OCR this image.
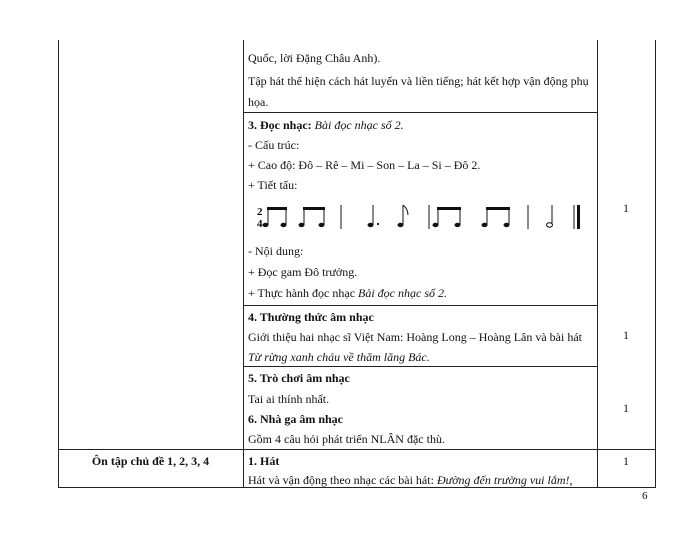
Quốc, lời Đặng Châu Anh).
Tập hát thể hiện cách hát luyến và liền tiếng; hát kết hợp vận động phụ
họa.
3. Đọc nhạc: Bài đọc nhạc số 2.
- Cấu trúc:
+ Cao độ: Đô – Rê – Mi – Son – La – Si – Đô 2.
+ Tiết tấu:
2
4
- Nội dung:
+ Đọc gam Đô trưởng.
+ Thực hành đọc nhạc Bài đọc nhạc số 2.
1
4. Thường thức âm nhạc
Giới thiệu hai nhạc sĩ Việt Nam: Hoàng Long – Hoàng Lân và bài hát
Từ rừng xanh cháu về thăm lăng Bác.
1
5. Trò chơi âm nhạc
Tai ai thính nhất.
6. Nhà ga âm nhạc
Gồm 4 câu hỏi phát triển NLÂN đặc thù.
1
Ôn tập chủ đề 1, 2, 3, 4	1. Hát
Hát và vận động theo nhạc các bài hát: Đường đến trường vui lắm!,
1
6
